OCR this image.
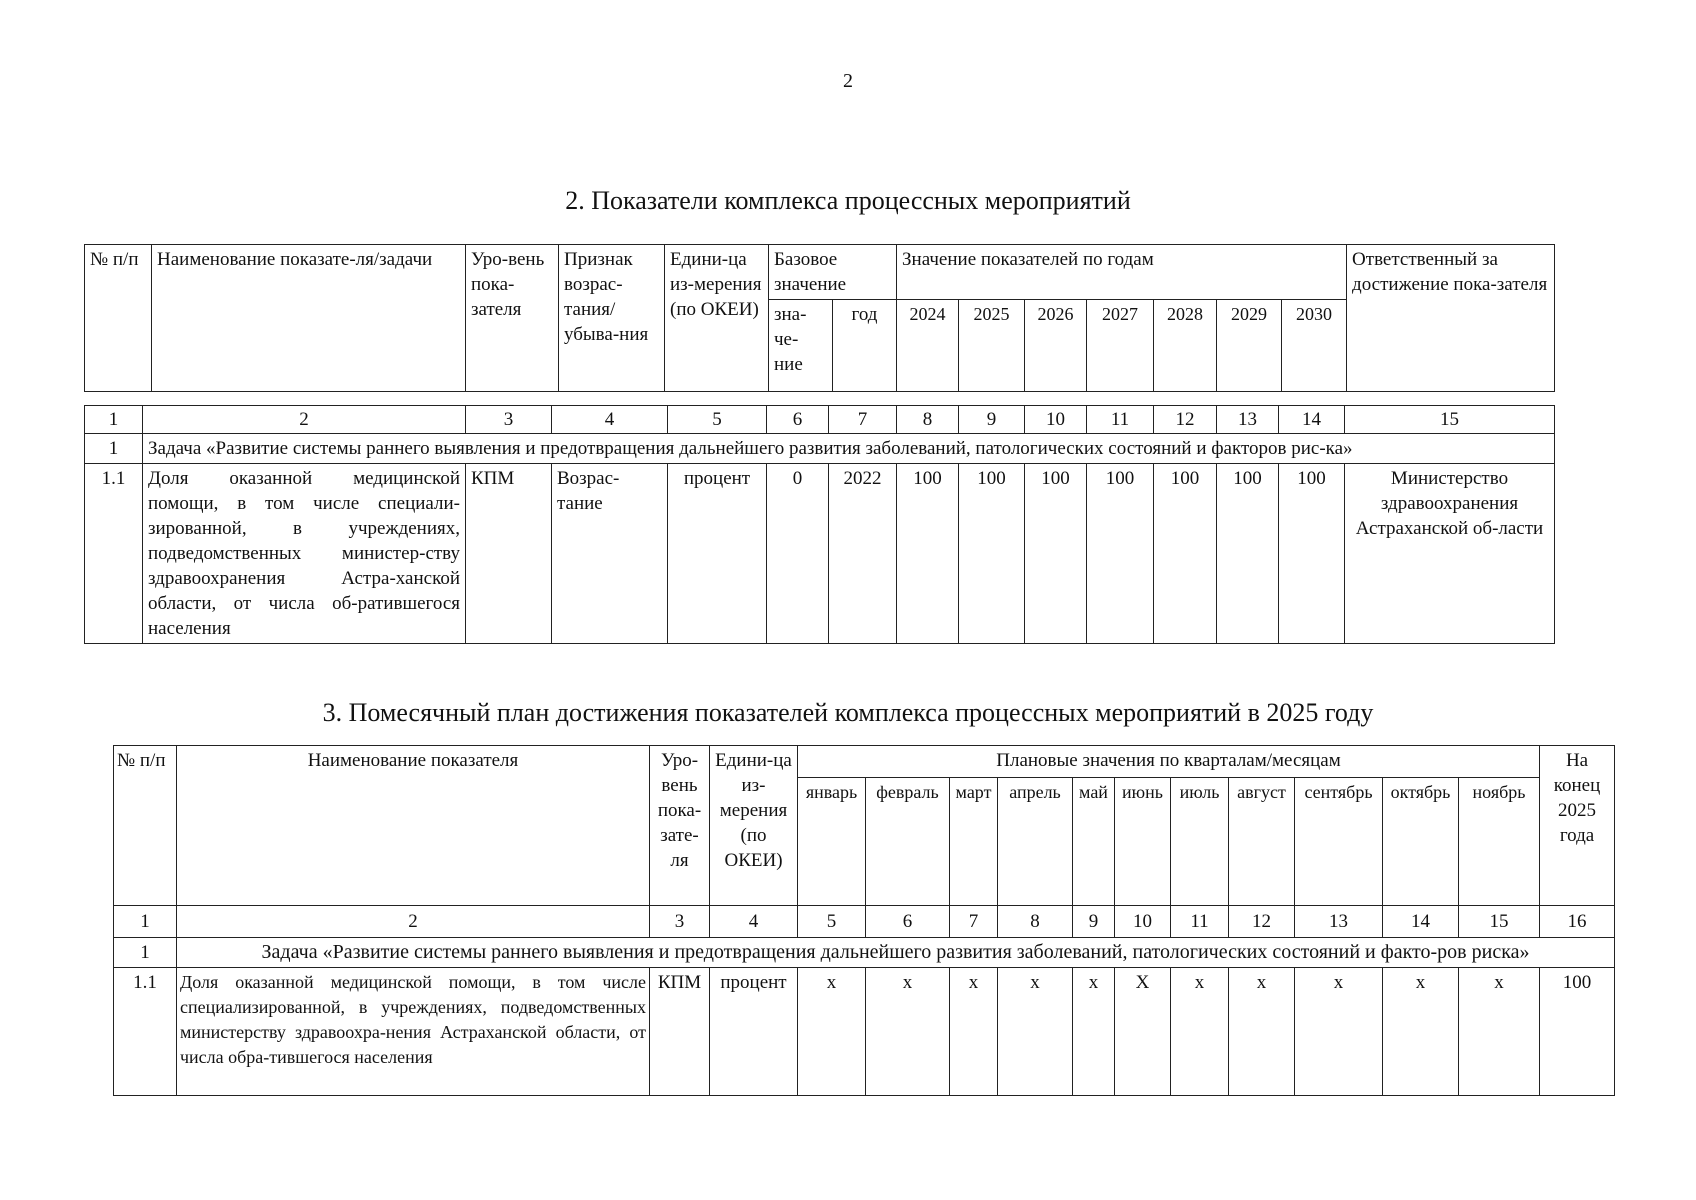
2
2. Показатели комплекса процессных мероприятий
№ п/п	Наименование показате-ля/задачи	Уро-вень пока-зателя	Признак возрас-тания/ убыва-ния	Едини-ца из-мерения (по ОКЕИ)	Базовое значение		Значение показателей по годам							Ответственный за достижение пока-зателя
					зна-че-ние	год	2024	2025	2026	2027	2028	2029	2030	
1	2	3	4	5	6	7	8	9	10	11	12	13	14	15
1	Задача «Развитие системы раннего выявления и предотвращения дальнейшего развития заболеваний, патологических состояний и факторов рис-ка»													
1.1	Доля оказанной медицинской помощи, в том числе специали-зированной, в учреждениях, подведомственных министер-ству здравоохранения Астра-ханской области, от числа об-ратившегося населения	КПМ	Возрас-тание	процент	0	2022	100	100	100	100	100	100	100	Министерство здравоохранения Астраханской об-ласти
3. Помесячный план достижения показателей комплекса процессных мероприятий в 2025 году
№ п/п	Наименование показателя	Уро-вень пока-зате-ля	Едини-ца из-мерения (по ОКЕИ)	Плановые значения по кварталам/месяцам											На конец 2025 года
				январь	февраль	март	апрель	май	июнь	июль	август	сентябрь	октябрь	ноябрь	
1	2	3	4	5	6	7	8	9	10	11	12	13	14	15	16
1	Задача «Развитие системы раннего выявления и предотвращения дальнейшего развития заболеваний, патологических состояний и факто-ров риска»														
1.1	Доля оказанной медицинской помощи, в том числе специализированной, в учреждениях, подведомственных министерству здравоохра-нения Астраханской области, от числа обра-тившегося населения	КПМ	процент	х	х	х	х	х	Х	х	х	х	х	х	100
